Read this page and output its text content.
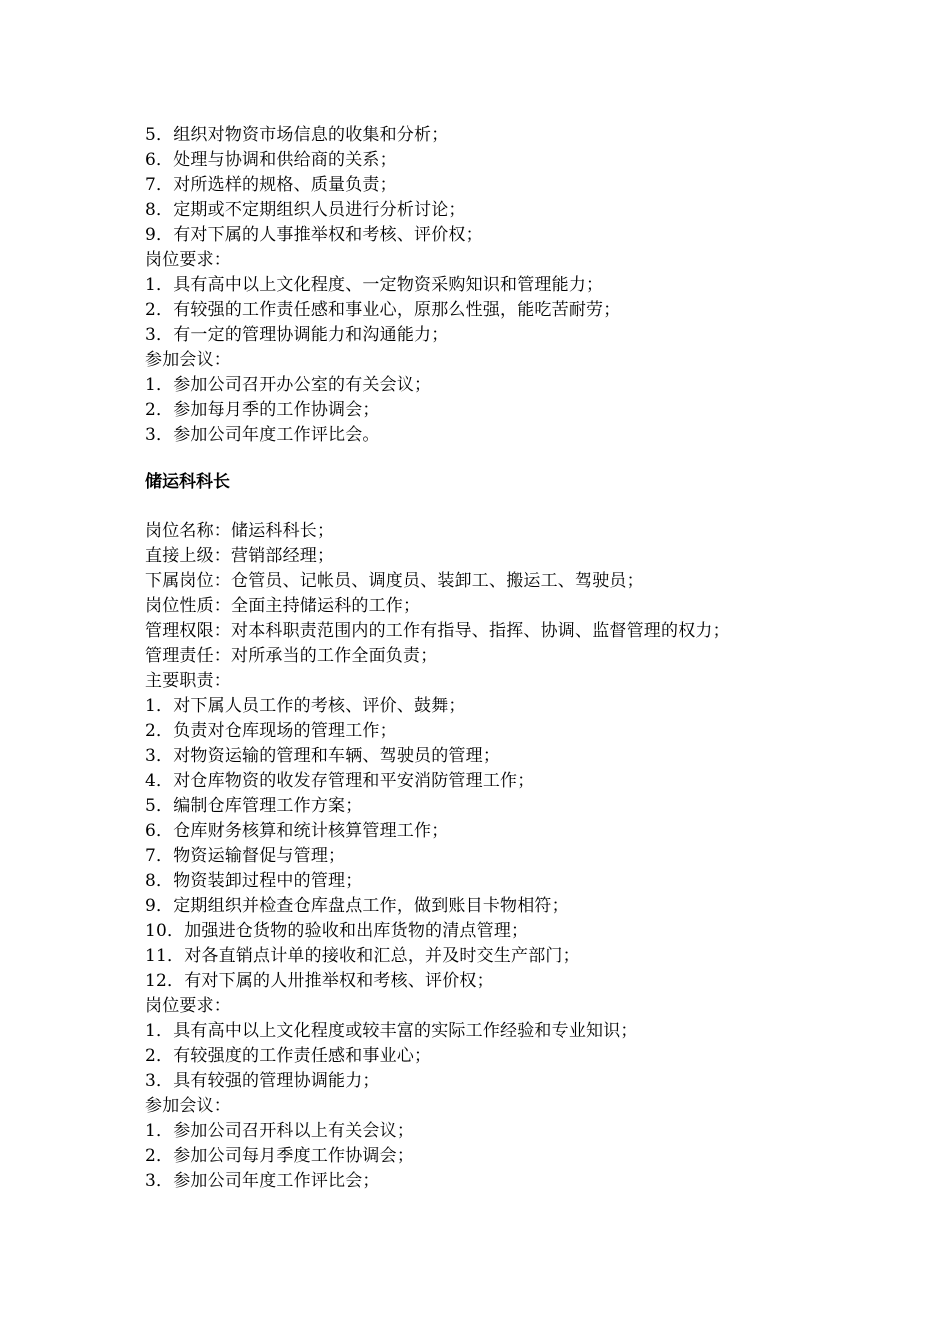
5．组织对物资市场信息的收集和分析；
6．处理与协调和供给商的关系；
7．对所选样的规格、质量负责；
8．定期或不定期组织人员进行分析讨论；
9．有对下属的人事推举权和考核、评价权；
岗位要求：
1．具有高中以上文化程度、一定物资采购知识和管理能力；
2．有较强的工作责任感和事业心，原那么性强，能吃苦耐劳；
3．有一定的管理协调能力和沟通能力；
参加会议：
1．参加公司召开办公室的有关会议；
2．参加每月季的工作协调会；
3．参加公司年度工作评比会。
储运科科长
岗位名称：储运科科长；
直接上级：营销部经理；
下属岗位：仓管员、记帐员、调度员、装卸工、搬运工、驾驶员；
岗位性质：全面主持储运科的工作；
管理权限：对本科职责范围内的工作有指导、指挥、协调、监督管理的权力；
管理责任：对所承当的工作全面负责；
主要职责：
1．对下属人员工作的考核、评价、鼓舞；
2．负责对仓库现场的管理工作；
3．对物资运输的管理和车辆、驾驶员的管理；
4．对仓库物资的收发存管理和平安消防管理工作；
5．编制仓库管理工作方案；
6．仓库财务核算和统计核算管理工作；
7．物资运输督促与管理；
8．物资装卸过程中的管理；
9．定期组织并检查仓库盘点工作，做到账目卡物相符；
10．加强进仓货物的验收和出库货物的清点管理；
11．对各直销点计单的接收和汇总，并及时交生产部门；
12．有对下属的人卅推举权和考核、评价权；
岗位要求：
1．具有高中以上文化程度或较丰富的实际工作经验和专业知识；
2．有较强度的工作责任感和事业心；
3．具有较强的管理协调能力；
参加会议：
1．参加公司召开科以上有关会议；
2．参加公司每月季度工作协调会；
3．参加公司年度工作评比会；
